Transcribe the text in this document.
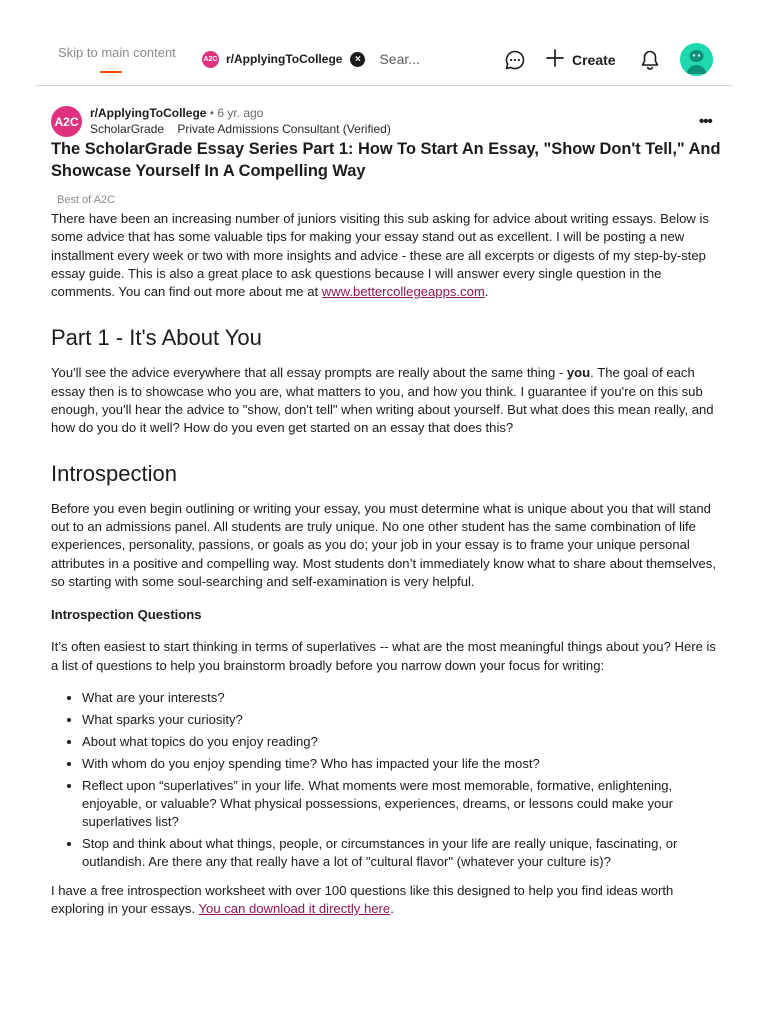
Skip to main content	A2C r/ApplyingToCollege	×
Sear...	Create
A2C
r/ApplyingToCollege • 6 yr. ago
ScholarGrade Private Admissions Consultant (Verified)	•••
The ScholarGrade Essay Series Part 1: How To Start An Essay, "Show Don't Tell," And Showcase Yourself In A Compelling Way
Best of A2C

There have been an increasing number of juniors visiting this sub asking for advice about writing essays. Below is some advice that has some valuable tips for making your essay stand out as excellent. I will be posting a new installment every week or two with more insights and advice - these are all excerpts or digests of my step-by-step essay guide. This is also a great place to ask questions because I will answer every single question in the comments. You can find out more about me at www.bettercollegeapps.com.

Part 1 - It's About You

You'll see the advice everywhere that all essay prompts are really about the same thing - you. The goal of each essay then is to showcase who you are, what matters to you, and how you think. I guarantee if you're on this sub enough, you'll hear the advice to "show, don't tell" when writing about yourself. But what does this mean really, and how do you do it well? How do you even get started on an essay that does this?

Introspection

Before you even begin outlining or writing your essay, you must determine what is unique about you that will stand out to an admissions panel. All students are truly unique. No one other student has the same combination of life experiences, personality, passions, or goals as you do; your job in your essay is to frame your unique personal attributes in a positive and compelling way. Most students don’t immediately know what to share about themselves, so starting with some soul-searching and self-examination is very helpful.

Introspection Questions

It’s often easiest to start thinking in terms of superlatives -- what are the most meaningful things about you? Here is a list of questions to help you brainstorm broadly before you narrow down your focus for writing:

• What are your interests?
• What sparks your curiosity?
• About what topics do you enjoy reading?
• With whom do you enjoy spending time? Who has impacted your life the most?
• Reflect upon “superlatives” in your life. What moments were most memorable, formative, enlightening, enjoyable, or valuable? What physical possessions, experiences, dreams, or lessons could make your superlatives list?
• Stop and think about what things, people, or circumstances in your life are really unique, fascinating, or outlandish. Are there any that really have a lot of "cultural flavor" (whatever your culture is)?

I have a free introspection worksheet with over 100 questions like this designed to help you find ideas worth exploring in your essays. You can download it directly here.
